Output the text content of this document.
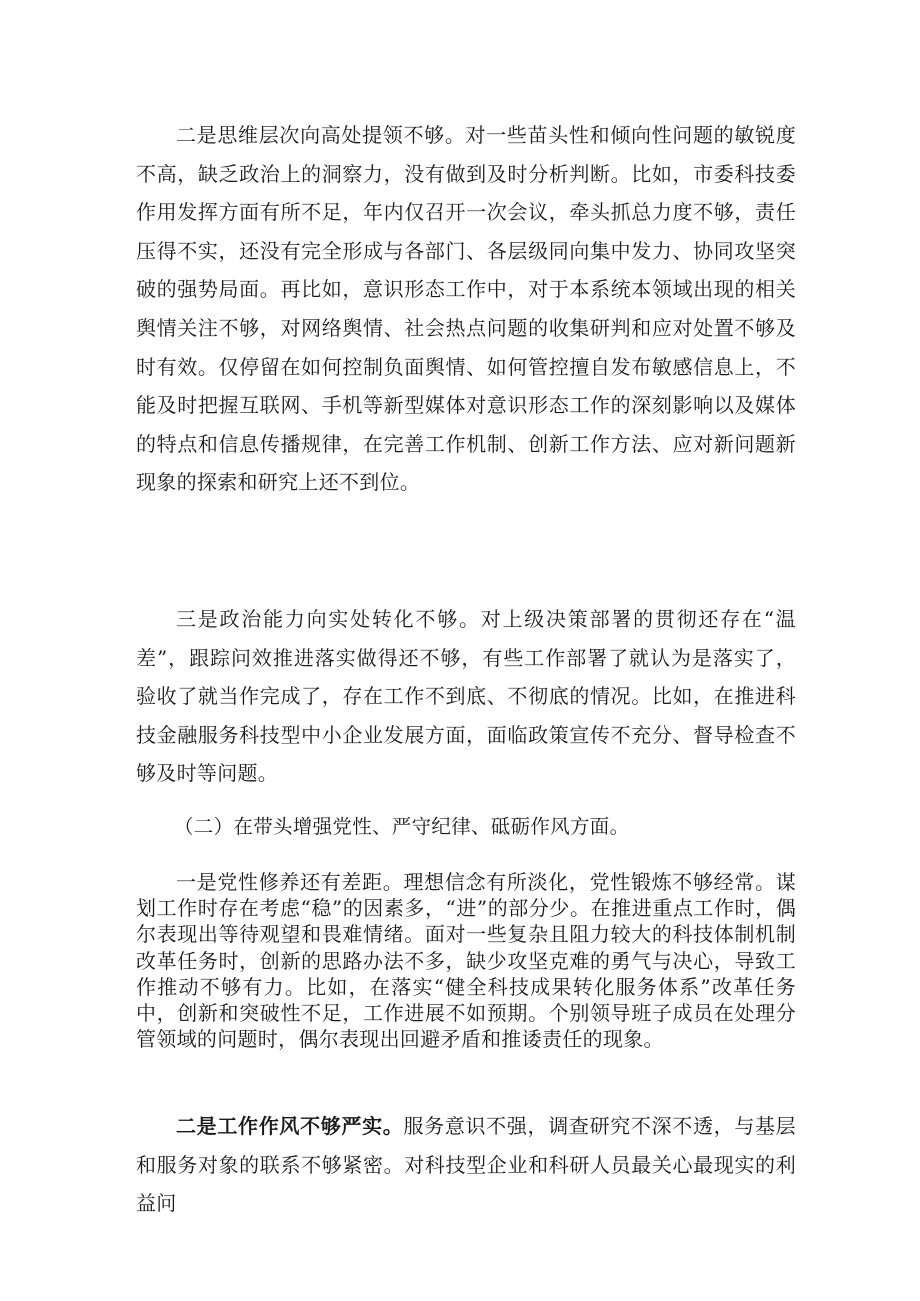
二是思维层次向高处提领不够。对一些苗头性和倾向性问题的敏锐度不高，缺乏政治上的洞察力，没有做到及时分析判断。比如，市委科技委作用发挥方面有所不足，年内仅召开一次会议，牵头抓总力度不够，责任压得不实，还没有完全形成与各部门、各层级同向集中发力、协同攻坚突破的强势局面。再比如，意识形态工作中，对于本系统本领域出现的相关舆情关注不够，对网络舆情、社会热点问题的收集研判和应对处置不够及时有效。仅停留在如何控制负面舆情、如何管控擅自发布敏感信息上，不能及时把握互联网、手机等新型媒体对意识形态工作的深刻影响以及媒体的特点和信息传播规律，在完善工作机制、创新工作方法、应对新问题新现象的探索和研究上还不到位。

三是政治能力向实处转化不够。对上级决策部署的贯彻还存在“温差”，跟踪问效推进落实做得还不够，有些工作部署了就认为是落实了，验收了就当作完成了，存在工作不到底、不彻底的情况。比如，在推进科技金融服务科技型中小企业发展方面，面临政策宣传不充分、督导检查不够及时等问题。

（二）在带头增强党性、严守纪律、砥砺作风方面。

一是党性修养还有差距。理想信念有所淡化，党性锻炼不够经常。谋划工作时存在考虑“稳”的因素多，“进”的部分少。在推进重点工作时，偶尔表现出等待观望和畏难情绪。面对一些复杂且阻力较大的科技体制机制改革任务时，创新的思路办法不多，缺少攻坚克难的勇气与决心，导致工作推动不够有力。比如，在落实“健全科技成果转化服务体系”改革任务中，创新和突破性不足，工作进展不如预期。个别领导班子成员在处理分管领域的问题时，偶尔表现出回避矛盾和推诿责任的现象。

二是工作作风不够严实。服务意识不强，调查研究不深不透，与基层和服务对象的联系不够紧密。对科技型企业和科研人员最关心最现实的利益问
